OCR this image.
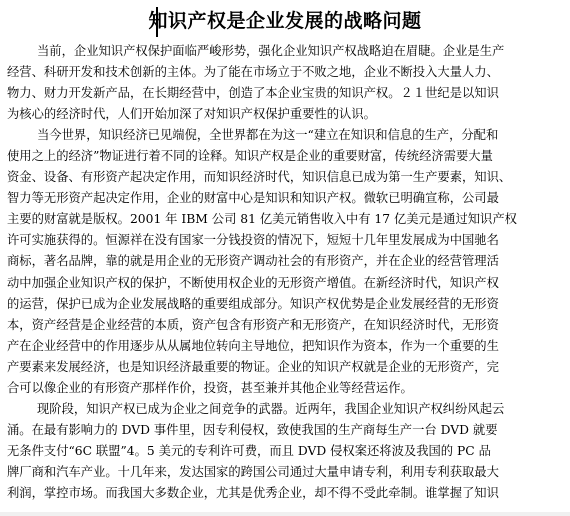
知识产权是企业发展的战略问题
当前，企业知识产权保护面临严峻形势，强化企业知识产权战略迫在眉睫。企业是生产
经营、科研开发和技术创新的主体。为了能在市场立于不败之地，企业不断投入大量人力、
物力、财力开发新产品，在长期经营中，创造了本企业宝贵的知识产权。２１世纪是以知识
为核心的经济时代，人们开始加深了对知识产权保护重要性的认识。
当今世界，知识经济已见端倪，全世界都在为这一“建立在知识和信息的生产，分配和
使用之上的经济”物证进行着不同的诠释。知识产权是企业的重要财富，传统经济需要大量
资金、设备、有形资产起决定作用，而知识经济时代，知识信息已成为第一生产要素，知识、
智力等无形资产起决定作用，企业的财富中心是知识和知识产权。微软已明确宣称，公司最
主要的财富就是版权。2001 年 IBM 公司 81 亿美元销售收入中有 17 亿美元是通过知识产权
许可实施获得的。恒源祥在没有国家一分钱投资的情况下，短短十几年里发展成为中国驰名
商标，著名品牌，靠的就是用企业的无形资产调动社会的有形资产，并在企业的经营管理活
动中加强企业知识产权的保护，不断使用权企业的无形资产增值。在新经济时代，知识产权
的运营，保护已成为企业发展战略的重要组成部分。知识产权优势是企业发展经营的无形资
本，资产经营是企业经营的本质，资产包含有形资产和无形资产，在知识经济时代，无形资
产在企业经营中的作用逐步从从属地位转向主导地位，把知识作为资本，作为一个重要的生
产要素来发展经济，也是知识经济最重要的物证。企业的知识产权就是企业的无形资产，完
合可以像企业的有形资产那样作价，投资，甚至兼并其他企业等经营运作。
现阶段，知识产权已成为企业之间竞争的武器。近两年，我国企业知识产权纠纷风起云
涌。在最有影响力的 DVD 事件里，因专利侵权，致使我国的生产商每生产一台 DVD 就要
无条件支付“6C 联盟”4。5 美元的专利许可费，而且 DVD 侵权案还将波及我国的 PC 品
牌厂商和汽车产业。十几年来，发达国家的跨国公司通过大量申请专利，利用专利获取最大
利润，掌控市场。而我国大多数企业，尤其是优秀企业，却不得不受此牵制。谁掌握了知识
